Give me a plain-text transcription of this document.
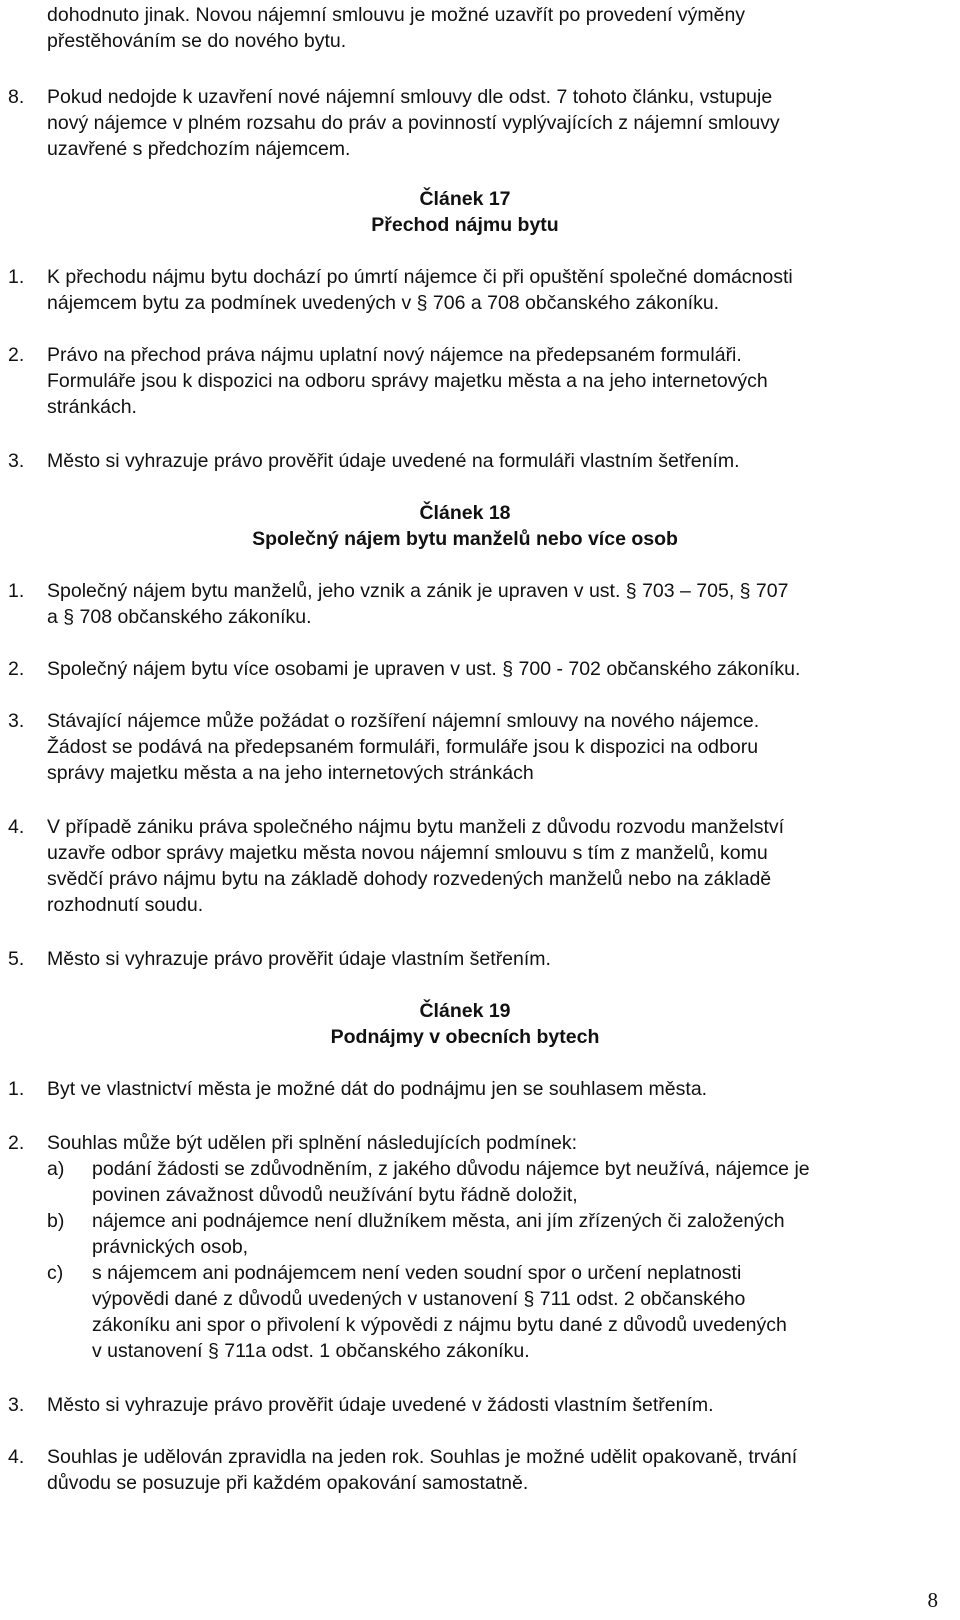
dohodnuto jinak. Novou nájemní smlouvu je možné uzavřít po provedení výměny
přestěhováním se do nového bytu.
8. Pokud nedojde k uzavření nové nájemní smlouvy dle odst. 7 tohoto článku, vstupuje
nový nájemce v plném rozsahu do práv a povinností vyplývajících z nájemní smlouvy
uzavřené s předchozím nájemcem.
Článek 17
Přechod nájmu bytu
1. K přechodu nájmu bytu dochází po úmrtí nájemce či při opuštění společné domácnosti
nájemcem bytu za podmínek uvedených v § 706 a 708 občanského zákoníku.
2. Právo na přechod práva nájmu uplatní nový nájemce na předepsaném formuláři.
Formuláře jsou k dispozici na odboru správy majetku města a na jeho internetových
stránkách.
3. Město si vyhrazuje právo prověřit údaje uvedené na formuláři vlastním šetřením.
Článek 18
Společný nájem bytu manželů nebo více osob
1. Společný nájem bytu manželů, jeho vznik a zánik je upraven v ust. § 703 – 705, § 707
a § 708 občanského zákoníku.
2. Společný nájem bytu více osobami je upraven v ust. § 700 - 702 občanského zákoníku.
3. Stávající nájemce může požádat o rozšíření nájemní smlouvy na nového nájemce.
Žádost se podává na předepsaném formuláři, formuláře jsou k dispozici na odboru
správy majetku města a na jeho internetových stránkách
4. V případě zániku práva společného nájmu bytu manželi z důvodu rozvodu manželství
uzavře odbor správy majetku města novou nájemní smlouvu s tím z manželů, komu
svědčí právo nájmu bytu na základě dohody rozvedených manželů nebo na základě
rozhodnutí soudu.
5. Město si vyhrazuje právo prověřit údaje vlastním šetřením.
Článek 19
Podnájmy v obecních bytech
1. Byt ve vlastnictví města je možné dát do podnájmu jen se souhlasem města.
2. Souhlas může být udělen při splnění následujících podmínek:
a) podání žádosti se zdůvodněním, z jakého důvodu nájemce byt neužívá, nájemce je
povinen závažnost důvodů neužívání bytu řádně doložit,
b) nájemce ani podnájemce není dlužníkem města, ani jím zřízených či založených
právnických osob,
c) s nájemcem ani podnájemcem není veden soudní spor o určení neplatnosti
výpovědi dané z důvodů uvedených v ustanovení § 711 odst. 2 občanského
zákoníku ani spor o přivolení k výpovědi z nájmu bytu dané z důvodů uvedených
v ustanovení § 711a odst. 1 občanského zákoníku.
3. Město si vyhrazuje právo prověřit údaje uvedené v žádosti vlastním šetřením.
4. Souhlas je udělován zpravidla na jeden rok. Souhlas je možné udělit opakovaně, trvání
důvodu se posuzuje při každém opakování samostatně.
8
